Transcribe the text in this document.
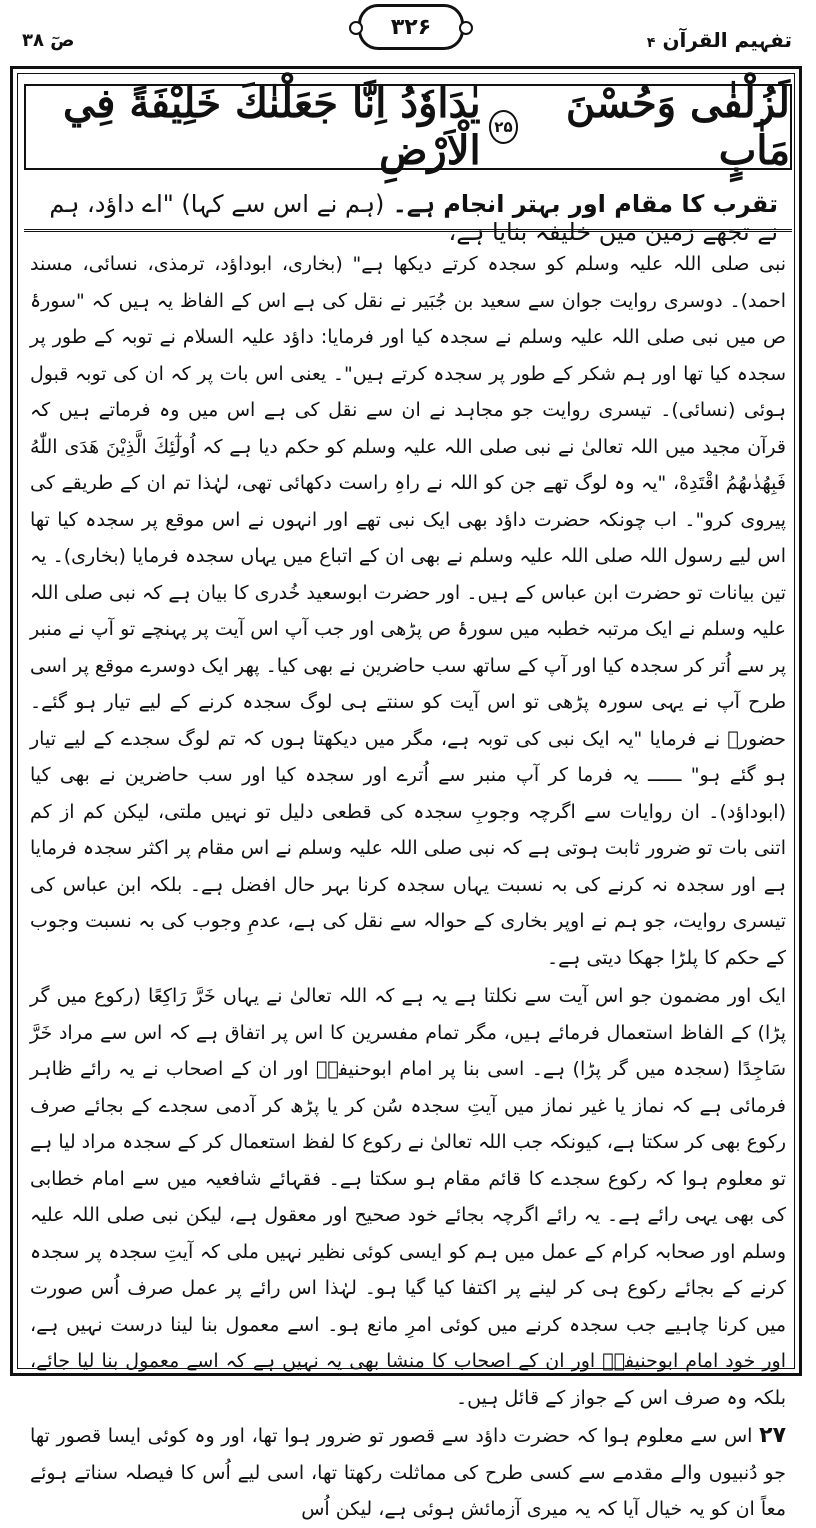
تفہیم القرآن ۴
۳۲۶
صٓ ۳۸
لَزُلْفٰى وَحُسْنَ مَاٰبٍ
۲۵
يٰدَاوٗدُ اِنَّا جَعَلْنٰكَ خَلِيْفَةً فِي الْاَرْضِ
تقرب کا مقام اور بہتر انجام ہے۔ (ہم نے اس سے کہا) "اے داؤد، ہم نے تجھے زمین میں خلیفہ بنایا ہے،

نبی صلی اللہ علیہ وسلم کو سجدہ کرتے دیکھا ہے" (بخاری، ابوداؤد، ترمذی، نسائی، مسند احمد)۔ دوسری روایت جوان سے سعید بن جُبَیر نے نقل کی ہے اس کے الفاظ یہ ہیں کہ "سورۂ ص میں نبی صلی اللہ علیہ وسلم نے سجدہ کیا اور فرمایا: داؤد علیہ السلام نے توبہ کے طور پر سجدہ کیا تھا اور ہم شکر کے طور پر سجدہ کرتے ہیں"۔ یعنی اس بات پر کہ ان کی توبہ قبول ہوئی (نسائی)۔ تیسری روایت جو مجاہد نے ان سے نقل کی ہے اس میں وہ فرماتے ہیں کہ قرآن مجید میں اللہ تعالیٰ نے نبی صلی اللہ علیہ وسلم کو حکم دیا ہے کہ اُولٰٓئِكَ الَّذِيْنَ هَدَى اللّٰهُ فَبِهُدٰىهُمُ اقْتَدِهْ، "یہ وہ لوگ تھے جن کو اللہ نے راہِ راست دکھائی تھی، لہٰذا تم ان کے طریقے کی پیروی کرو"۔ اب چونکہ حضرت داؤد بھی ایک نبی تھے اور انہوں نے اس موقع پر سجدہ کیا تھا اس لیے رسول اللہ صلی اللہ علیہ وسلم نے بھی ان کے اتباع میں یہاں سجدہ فرمایا (بخاری)۔ یہ تین بیانات تو حضرت ابن عباس کے ہیں۔ اور حضرت ابوسعید خُدری کا بیان ہے کہ نبی صلی اللہ علیہ وسلم نے ایک مرتبہ خطبہ میں سورۂ ص پڑھی اور جب آپ اس آیت پر پہنچے تو آپ نے منبر پر سے اُتر کر سجدہ کیا اور آپ کے ساتھ سب حاضرین نے بھی کیا۔ پھر ایک دوسرے موقع پر اسی طرح آپ نے یہی سورہ پڑھی تو اس آیت کو سنتے ہی لوگ سجدہ کرنے کے لیے تیار ہو گئے۔ حضورؐ نے فرمایا "یہ ایک نبی کی توبہ ہے، مگر میں دیکھتا ہوں کہ تم لوگ سجدے کے لیے تیار ہو گئے ہو" ــــــ یہ فرما کر آپ منبر سے اُترے اور سجدہ کیا اور سب حاضرین نے بھی کیا (ابوداؤد)۔ ان روایات سے اگرچہ وجوبِ سجدہ کی قطعی دلیل تو نہیں ملتی، لیکن کم از کم اتنی بات تو ضرور ثابت ہوتی ہے کہ نبی صلی اللہ علیہ وسلم نے اس مقام پر اکثر سجدہ فرمایا ہے اور سجدہ نہ کرنے کی بہ نسبت یہاں سجدہ کرنا بہر حال افضل ہے۔ بلکہ ابن عباس کی تیسری روایت، جو ہم نے اوپر بخاری کے حوالہ سے نقل کی ہے، عدمِ وجوب کی بہ نسبت وجوب کے حکم کا پلڑا جھکا دیتی ہے۔

ایک اور مضمون جو اس آیت سے نکلتا ہے یہ ہے کہ اللہ تعالیٰ نے یہاں خَرَّ رَاكِعًا (رکوع میں گر پڑا) کے الفاظ استعمال فرمائے ہیں، مگر تمام مفسرین کا اس پر اتفاق ہے کہ اس سے مراد خَرَّ سَاجِدًا (سجدہ میں گر پڑا) ہے۔ اسی بنا پر امام ابوحنیفہؒ اور ان کے اصحاب نے یہ رائے ظاہر فرمائی ہے کہ نماز یا غیر نماز میں آیتِ سجدہ سُن کر یا پڑھ کر آدمی سجدے کے بجائے صرف رکوع بھی کر سکتا ہے، کیونکہ جب اللہ تعالیٰ نے رکوع کا لفظ استعمال کر کے سجدہ مراد لیا ہے تو معلوم ہوا کہ رکوع سجدے کا قائم مقام ہو سکتا ہے۔ فقہائے شافعیہ میں سے امام خطابی کی بھی یہی رائے ہے۔ یہ رائے اگرچہ بجائے خود صحیح اور معقول ہے، لیکن نبی صلی اللہ علیہ وسلم اور صحابہ کرام کے عمل میں ہم کو ایسی کوئی نظیر نہیں ملی کہ آیتِ سجدہ پر سجدہ کرنے کے بجائے رکوع ہی کر لینے پر اکتفا کیا گیا ہو۔ لہٰذا اس رائے پر عمل صرف اُس صورت میں کرنا چاہیے جب سجدہ کرنے میں کوئی امرِ مانع ہو۔ اسے معمول بنا لینا درست نہیں ہے، اور خود امام ابوحنیفہؒ اور ان کے اصحاب کا منشا بھی یہ نہیں ہے کہ اسے معمول بنا لیا جائے، بلکہ وہ صرف اس کے جواز کے قائل ہیں۔

۲۷ اس سے معلوم ہوا کہ حضرت داؤد سے قصور تو ضرور ہوا تھا، اور وہ کوئی ایسا قصور تھا جو دُنبیوں والے مقدمے سے کسی طرح کی مماثلت رکھتا تھا، اسی لیے اُس کا فیصلہ سناتے ہوئے معاً ان کو یہ خیال آیا کہ یہ میری آزمائش ہوئی ہے، لیکن اُس
